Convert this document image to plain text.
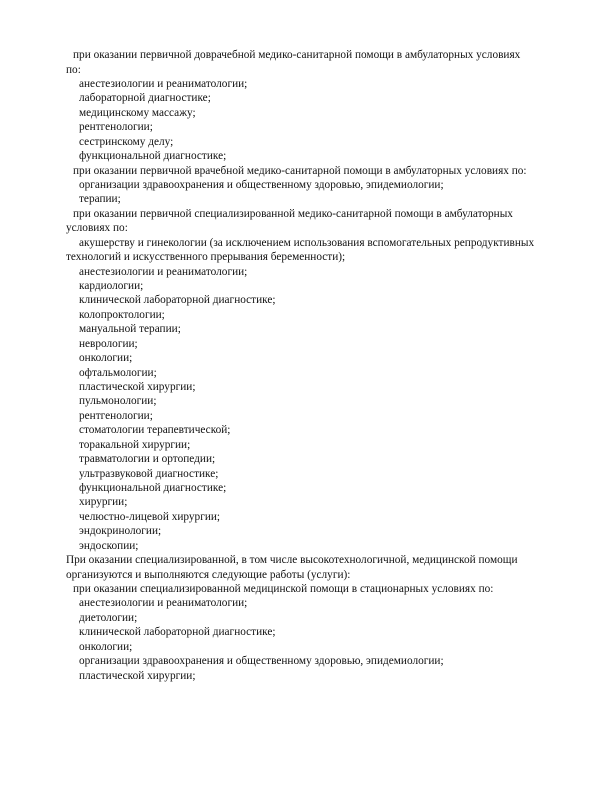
при оказании первичной доврачебной медико-санитарной помощи в амбулаторных условиях
по:
анестезиологии и реаниматологии;
лабораторной диагностике;
медицинскому массажу;
рентгенологии;
сестринскому делу;
функциональной диагностике;
при оказании первичной врачебной медико-санитарной помощи в амбулаторных условиях по:
организации здравоохранения и общественному здоровью, эпидемиологии;
терапии;
при оказании первичной специализированной медико-санитарной помощи в амбулаторных
условиях по:
акушерству и гинекологии (за исключением использования вспомогательных репродуктивных
технологий и искусственного прерывания беременности);
анестезиологии и реаниматологии;
кардиологии;
клинической лабораторной диагностике;
колопроктологии;
мануальной терапии;
неврологии;
онкологии;
офтальмологии;
пластической хирургии;
пульмонологии;
рентгенологии;
стоматологии терапевтической;
торакальной хирургии;
травматологии и ортопедии;
ультразвуковой диагностике;
функциональной диагностике;
хирургии;
челюстно-лицевой хирургии;
эндокринологии;
эндоскопии;
При оказании специализированной, в том числе высокотехнологичной, медицинской помощи
организуются и выполняются следующие работы (услуги):
при оказании специализированной медицинской помощи в стационарных условиях по:
анестезиологии и реаниматологии;
диетологии;
клинической лабораторной диагностике;
онкологии;
организации здравоохранения и общественному здоровью, эпидемиологии;
пластической хирургии;
